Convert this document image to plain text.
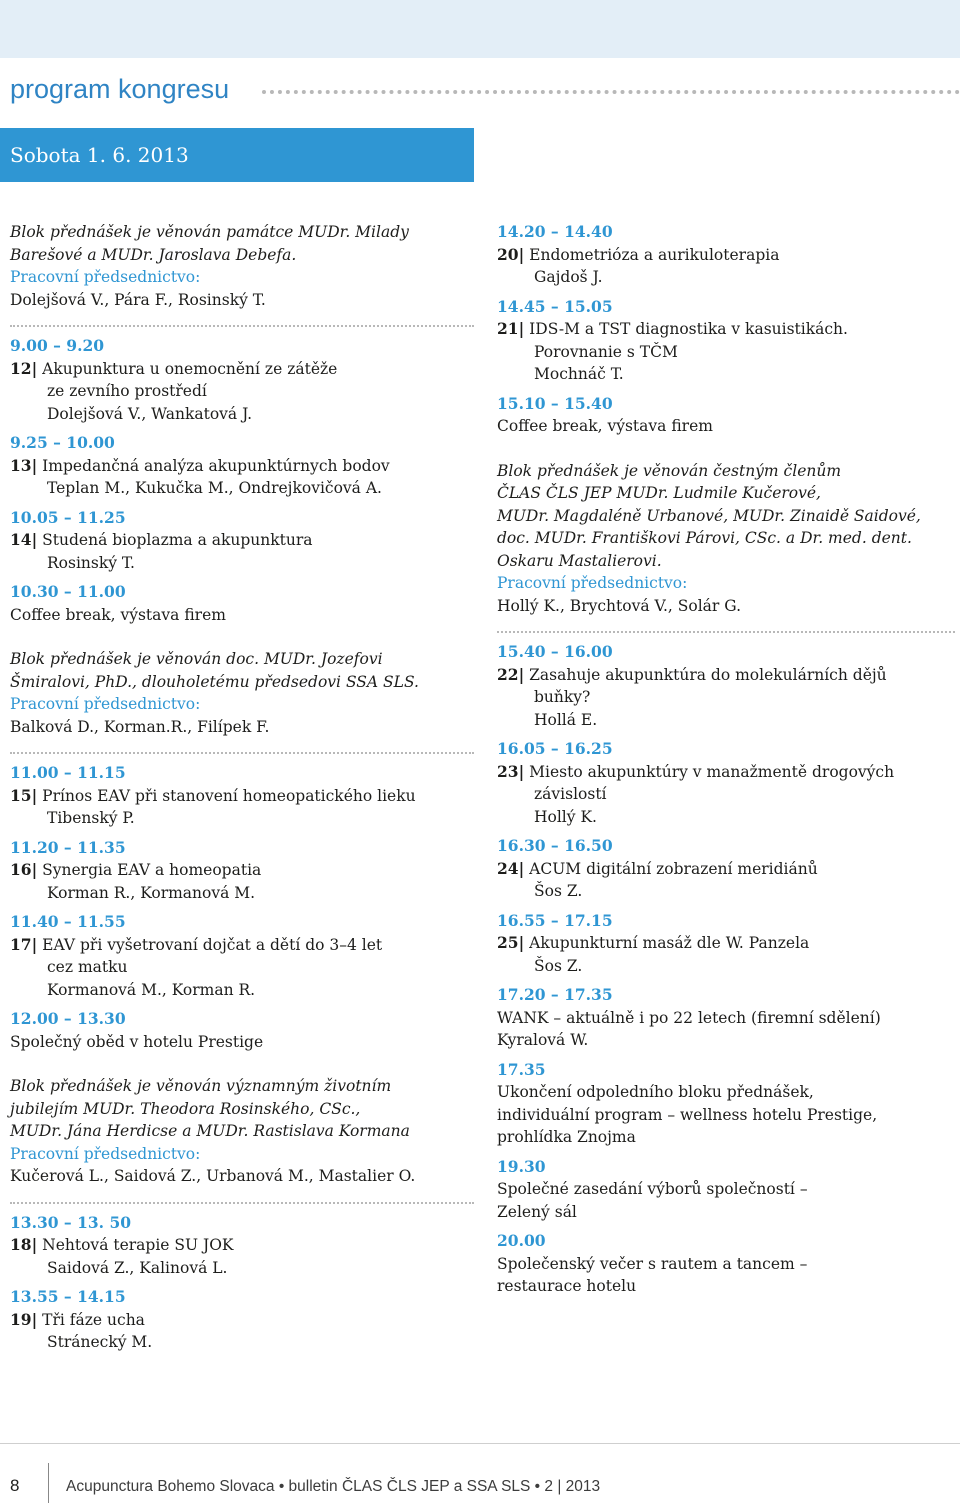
program kongresu
Sobota 1. 6. 2013
Blok přednášek je věnován památce MUDr. Milady
Barešové a MUDr. Jaroslava Debefa.
Pracovní předsednictvo:
Dolejšová V., Pára F., Rosinský T.
9.00 – 9.20
12| Akupunktura u onemocnění ze zátěže
ze zevního prostředí
Dolejšová V., Wankatová J.
9.25 – 10.00
13| Impedančná analýza akupunktúrnych bodov
Teplan M., Kukučka M., Ondrejkovičová A.
10.05 – 11.25
14| Studená bioplazma a akupunktura
Rosinský T.
10.30 – 11.00
Coffee break, výstava firem
Blok přednášek je věnován doc. MUDr. Jozefovi
Šmiralovi, PhD., dlouholetému předsedovi SSA SLS.
Pracovní předsednictvo:
Balková D., Korman.R., Filípek F.
11.00 – 11.15
15| Prínos EAV při stanovení homeopatického lieku
Tibenský P.
11.20 – 11.35
16| Synergia EAV a homeopatia
Korman R., Kormanová M.
11.40 – 11.55
17| EAV při vyšetrovaní dojčat a dětí do 3–4 let
cez matku
Kormanová M., Korman R.
12.00 – 13.30
Společný oběd v hotelu Prestige
Blok přednášek je věnován významným životním
jubilejím MUDr. Theodora Rosinského, CSc.,
MUDr. Jána Herdicse a MUDr. Rastislava Kormana
Pracovní předsednictvo:
Kučerová L., Saidová Z., Urbanová M., Mastalier O.
13.30 – 13. 50
18| Nehtová terapie SU JOK
Saidová Z., Kalinová L.
13.55 – 14.15
19| Tři fáze ucha
Stránecký M.
14.20 – 14.40
20| Endometrióza a aurikuloterapia
Gajdoš J.
14.45 – 15.05
21| IDS-M a TST diagnostika v kasuistikách.
Porovnanie s TČM
Mochnáč T.
15.10 – 15.40
Coffee break, výstava firem
Blok přednášek je věnován čestným členům
ČLAS ČLS JEP MUDr. Ludmile Kučerové,
MUDr. Magdaléně Urbanové, MUDr. Zinaidě Saidové,
doc. MUDr. Františkovi Párovi, CSc. a Dr. med. dent.
Oskaru Mastalierovi.
Pracovní předsednictvo:
Hollý K., Brychtová V., Solár G.
15.40 – 16.00
22| Zasahuje akupunktúra do molekulárních dějů
buňky?
Hollá E.
16.05 – 16.25
23| Miesto akupunktúry v manažmentě drogových
závislostí
Hollý K.
16.30 – 16.50
24| ACUM digitální zobrazení meridiánů
Šos Z.
16.55 – 17.15
25| Akupunkturní masáž dle W. Panzela
Šos Z.
17.20 – 17.35
WANK – aktuálně i po 22 letech (firemní sdělení)
Kyralová W.
17.35
Ukončení odpoledního bloku přednášek,
individuální program – wellness hotelu Prestige,
prohlídka Znojma
19.30
Společné zasedání výborů společností –
Zelený sál
20.00
Společenský večer s rautem a tancem –
restaurace hotelu
8	Acupunctura Bohemo Slovaca • bulletin ČLAS ČLS JEP a SSA SLS • 2 | 2013
